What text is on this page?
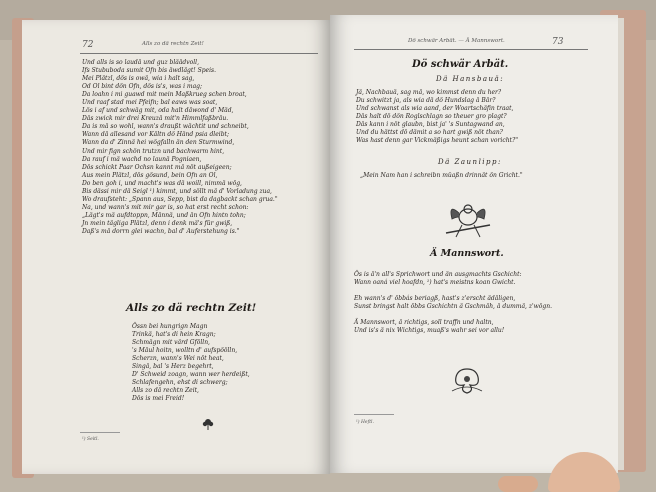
72	Alls zo dä rechtn Zeit!
Und alls is so laudä und guz bläädvoll,
Ifs Stububoda sumit Ofn bis äwdlägt! Speis.
Mei Plätzl, dös is owä, wia i halt sag,
Od Ol bint dön Ofn, dös is's, was i mag;
Da loahn i mi guawd mit mein Maßkrueg schen broat,
Und raaf stad mei Pfeifn; bal eaws was soat,
Lös i af und schwäg mit, oda halt däwond d' Mäd,
Däs zwick mir drei Kreuzä mit'n Himmlfaßbräu.
Da is mä so wohl, wann's draußt wächtit und schneibt,
Wann dä allesand vor Kältn dö Händ psia dleibt;
Wann da d' Zinnä hei wögfalln än den Sturmwind,
Und mir fign schön trutzn und bachwarm hint,
Da rauf i mä wachd no launä Pogniaen,
Dös schickt Paar Ochsn kannt mä nöt außeigeen;
Aus mein Plätzl, dös gösund, bein Ofn an Ol,
Do ben goh i, und macht's was dä woill, nimmä wög,
Bis dässi mir dä Seigl ¹) kimmt, und söllt mä d' Vorladung zua,
Wo draufsteht: „Spann aus, Sepp, bist da dagbackt schan grua."
Na, und wann's mit mir gar is, so hat erst recht schon:
„Lägt's mä aufdtoppn, Männä, und än Ofn hintn tohn;
Jn mein tägliga Plätzl, denn i denk mä's für gwiß,
Daß's mä dorrn glei wachn, bal d' Auferstehung is."
Alls zo dä rechtn Zeit!
Össn bei hungrign Magn
Trinkä, hat's di hein Kragn;
Schmägn mit värd Gfölln,
's Mäul hoitn, wolltn d' aufspöölln,
Scherzn, wann's Wei nöt heat,
Singä, bal 's Herz begehrt,
D' Schweid zoagn, wann wer herdeißt,
Schlafengehn, ehst di schwerg;
Alls zo dä rechtn Zeit,
Dös is mei Freid!
¹) Seitl.
Dö schwär Arbät. — Ä Mannswort.	73
Dö schwär Arbät.
Dä Hansbauä:
Jä, Nachbauä, sag mä, wo kimmst denn du her?
Du schwitzt ja, als wia dä dö Hundslag ä Bär?
Und schwanst als wia aand, der Woartschäfin traat,
Däs halt dö dön Roglschlagn so theuer gro plagt?
Däs kann i nöt glaubn, bist ja' 's Suntagwand an,
Und du hättst dö dämit a so hart gwiß nöt than?
Was hast denn gar Vickmäßigs heunt schan voricht?"
Dä Zaunlipp:
„Mein Nam han i schreibn müaßn drinnät ön Gricht."
Ä Mannswort.
Ös is ä'n all's Sprichwort und än ausgmachts Gschicht:
Wann oaná viel hoafdn, ¹) hat's meistns koan Gwicht.
Eh wann's d' öbbás beriagß, hast's z'erscht ädäligen,
Sunst bringst halt öbbs Gschichtn ä Gschmäh, ä dummä, z'wögn.
Ä Mannswort, ä richtigs, soll traffn und haltn,
Und is's ä nix Wichtigs, muaß's wahr sei vor allu!
¹) Heftl.
